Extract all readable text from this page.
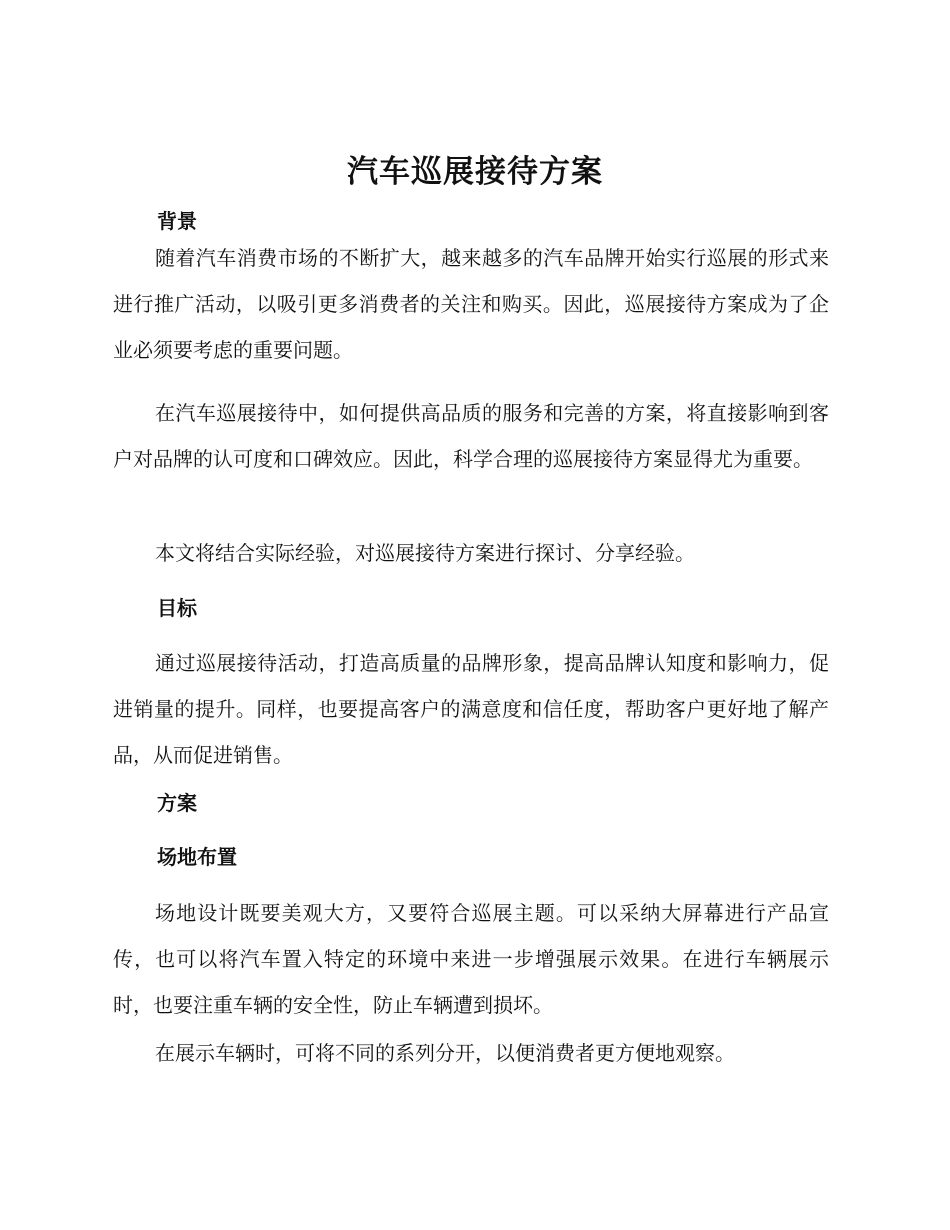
汽车巡展接待方案
背景

随着汽车消费市场的不断扩大，越来越多的汽车品牌开始实行巡展的形式来进行推广活动，以吸引更多消费者的关注和购买。因此，巡展接待方案成为了企业必须要考虑的重要问题。

在汽车巡展接待中，如何提供高品质的服务和完善的方案，将直接影响到客户对品牌的认可度和口碑效应。因此，科学合理的巡展接待方案显得尤为重要。

本文将结合实际经验，对巡展接待方案进行探讨、分享经验。

目标

通过巡展接待活动，打造高质量的品牌形象，提高品牌认知度和影响力，促进销量的提升。同样，也要提高客户的满意度和信任度，帮助客户更好地了解产品，从而促进销售。

方案
场地布置

场地设计既要美观大方，又要符合巡展主题。可以采纳大屏幕进行产品宣传，也可以将汽车置入特定的环境中来进一步增强展示效果。在进行车辆展示时，也要注重车辆的安全性，防止车辆遭到损坏。

在展示车辆时，可将不同的系列分开，以便消费者更方便地观察。
